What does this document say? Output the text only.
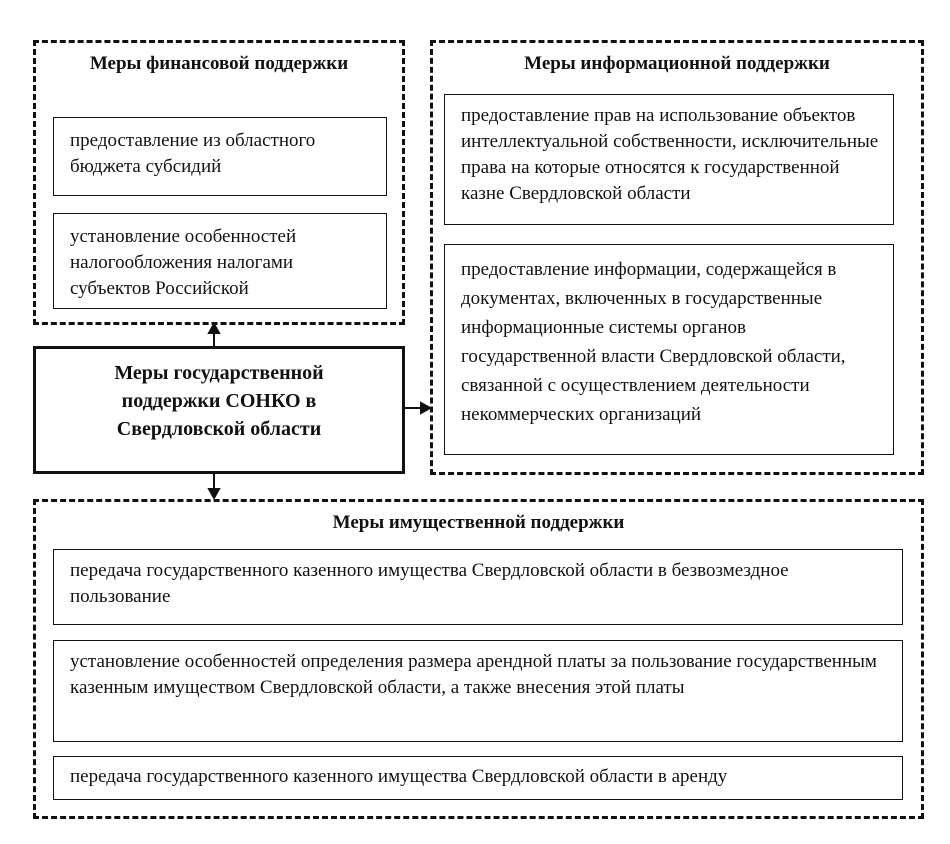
Меры финансовой поддержки
предоставление из областного бюджета субсидий
установление особенностей налогообложения налогами субъектов Российской
Меры информационной поддержки
предоставление прав на использование объектов интеллектуальной собственности, исключительные права на которые относятся к государственной казне Свердловской области
предоставление информации, содержащейся в документах, включенных в государственные информационные системы органов государственной власти Свердловской области, связанной с осуществлением деятельности некоммерческих организаций
Меры государственной поддержки СОНКО в Свердловской области
Меры имущественной поддержки
передача государственного казенного имущества Свердловской области в безвозмездное пользование
установление особенностей определения размера арендной платы за пользование государственным казенным имуществом Свердловской области, а также внесения этой платы
передача государственного казенного имущества Свердловской области в аренду
